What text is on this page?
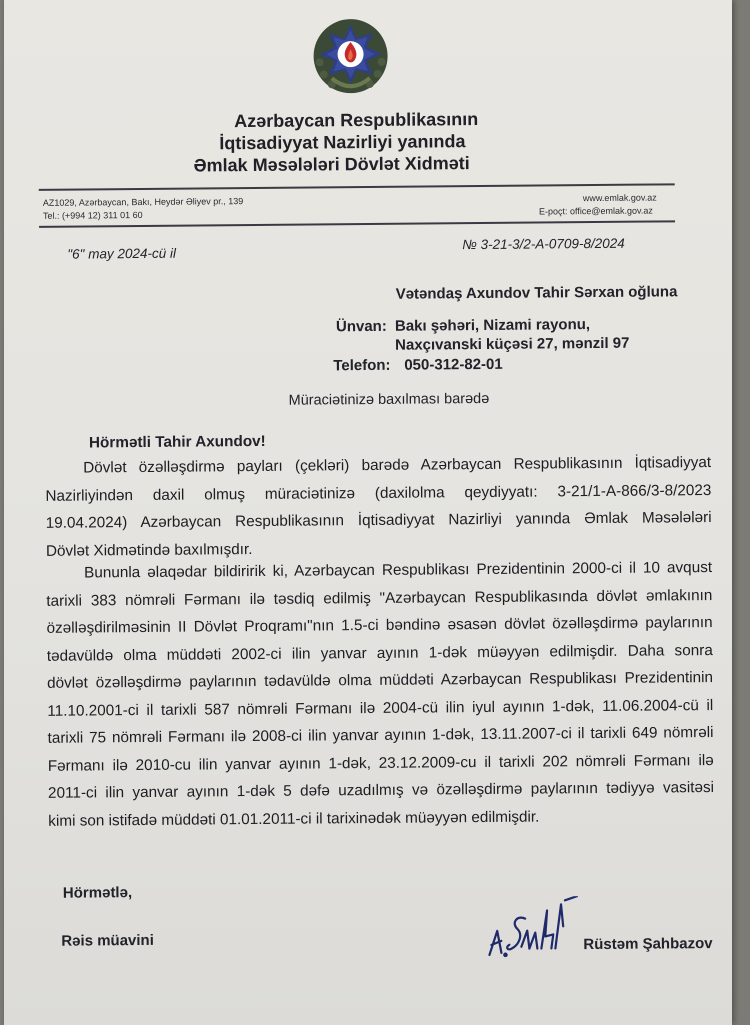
Azərbaycan Respublikasının
İqtisadiyyat Nazirliyi yanında
Əmlak Məsələləri Dövlət Xidməti
AZ1029, Azərbaycan, Bakı, Heydər Əliyev pr., 139
Tel.: (+994 12) 311 01 60
www.emlak.gov.az
E-poçt: office@emlak.gov.az
"6" may 2024-cü il
№ 3-21-3/2-A-0709-8/2024
Vətəndaş Axundov Tahir Sərxan oğluna
Ünvan: Bakı şəhəri, Nizami rayonu,
Naxçıvanski küçəsi 27, mənzil 97
Telefon: 050-312-82-01
Müraciətinizə baxılması barədə
Hörmətli Tahir Axundov!
Dövlət özəlləşdirmə payları (çekləri) barədə Azərbaycan Respublikasının İqtisadiyyat
Nazirliyindən daxil olmuş müraciətinizə (daxilolma qeydiyyatı: 3-21/1-A-866/3-8/2023
19.04.2024) Azərbaycan Respublikasının İqtisadiyyat Nazirliyi yanında Əmlak Məsələləri
Dövlət Xidmətində baxılmışdır.
Bununla əlaqədar bildiririk ki, Azərbaycan Respublikası Prezidentinin 2000-ci il 10 avqust
tarixli 383 nömrəli Fərmanı ilə təsdiq edilmiş "Azərbaycan Respublikasında dövlət əmlakının
özəlləşdirilməsinin II Dövlət Proqramı"nın 1.5-ci bəndinə əsasən dövlət özəlləşdirmə paylarının
tədavüldə olma müddəti 2002-ci ilin yanvar ayının 1-dək müəyyən edilmişdir. Daha sonra
dövlət özəlləşdirmə paylarının tədavüldə olma müddəti Azərbaycan Respublikası Prezidentinin
11.10.2001-ci il tarixli 587 nömrəli Fərmanı ilə 2004-cü ilin iyul ayının 1-dək, 11.06.2004-cü il
tarixli 75 nömrəli Fərmanı ilə 2008-ci ilin yanvar ayının 1-dək, 13.11.2007-ci il tarixli 649 nömrəli
Fərmanı ilə 2010-cu ilin yanvar ayının 1-dək, 23.12.2009-cu il tarixli 202 nömrəli Fərmanı ilə
2011-ci ilin yanvar ayının 1-dək 5 dəfə uzadılmış və özəlləşdirmə paylarının tədiyyə vasitəsi
kimi son istifadə müddəti 01.01.2011-ci il tarixinədək müəyyən edilmişdir.
Hörmətlə,
Rəis müavini	Rüstəm Şahbazov
